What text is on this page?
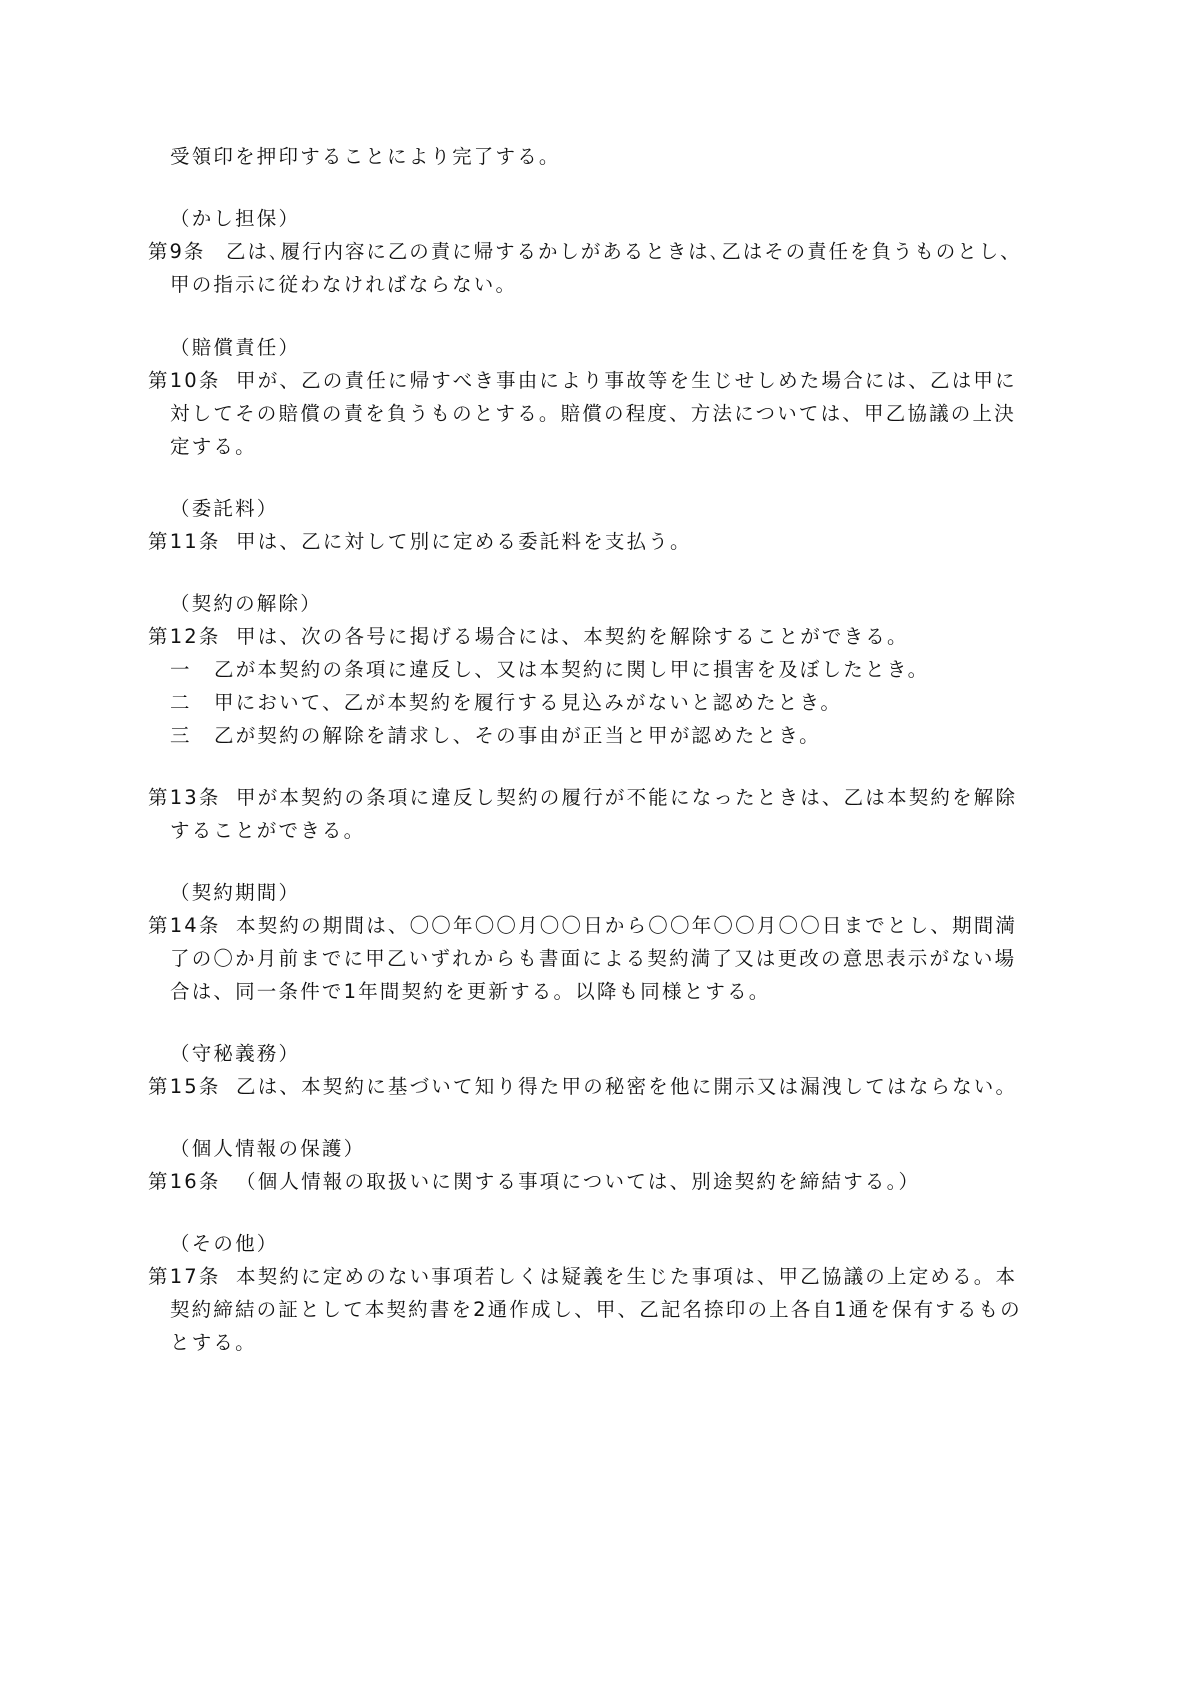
受領印を押印することにより完了する。
（かし担保）
第9条 乙は､履行内容に乙の責に帰するかしがあるときは､乙はその責任を負うものとし、
甲の指示に従わなければならない。
（賠償責任）
第10条 甲が、乙の責任に帰すべき事由により事故等を生じせしめた場合には、乙は甲に
対してその賠償の責を負うものとする。賠償の程度、方法については、甲乙協議の上決
定する。
（委託料）
第11条 甲は、乙に対して別に定める委託料を支払う。
（契約の解除）
第12条 甲は、次の各号に掲げる場合には、本契約を解除することができる。
一 乙が本契約の条項に違反し、又は本契約に関し甲に損害を及ぼしたとき。
二 甲において、乙が本契約を履行する見込みがないと認めたとき。
三 乙が契約の解除を請求し、その事由が正当と甲が認めたとき。
第13条 甲が本契約の条項に違反し契約の履行が不能になったときは、乙は本契約を解除
することができる。
（契約期間）
第14条 本契約の期間は、〇〇年〇〇月〇〇日から〇〇年〇〇月〇〇日までとし、期間満
了の〇か月前までに甲乙いずれからも書面による契約満了又は更改の意思表示がない場
合は、同一条件で1年間契約を更新する。以降も同様とする。
（守秘義務）
第15条 乙は、本契約に基づいて知り得た甲の秘密を他に開示又は漏洩してはならない。
（個人情報の保護）
第16条 （個人情報の取扱いに関する事項については、別途契約を締結する。）
（その他）
第17条 本契約に定めのない事項若しくは疑義を生じた事項は、甲乙協議の上定める。本
契約締結の証として本契約書を2通作成し、甲、乙記名捺印の上各自1通を保有するもの
とする。
